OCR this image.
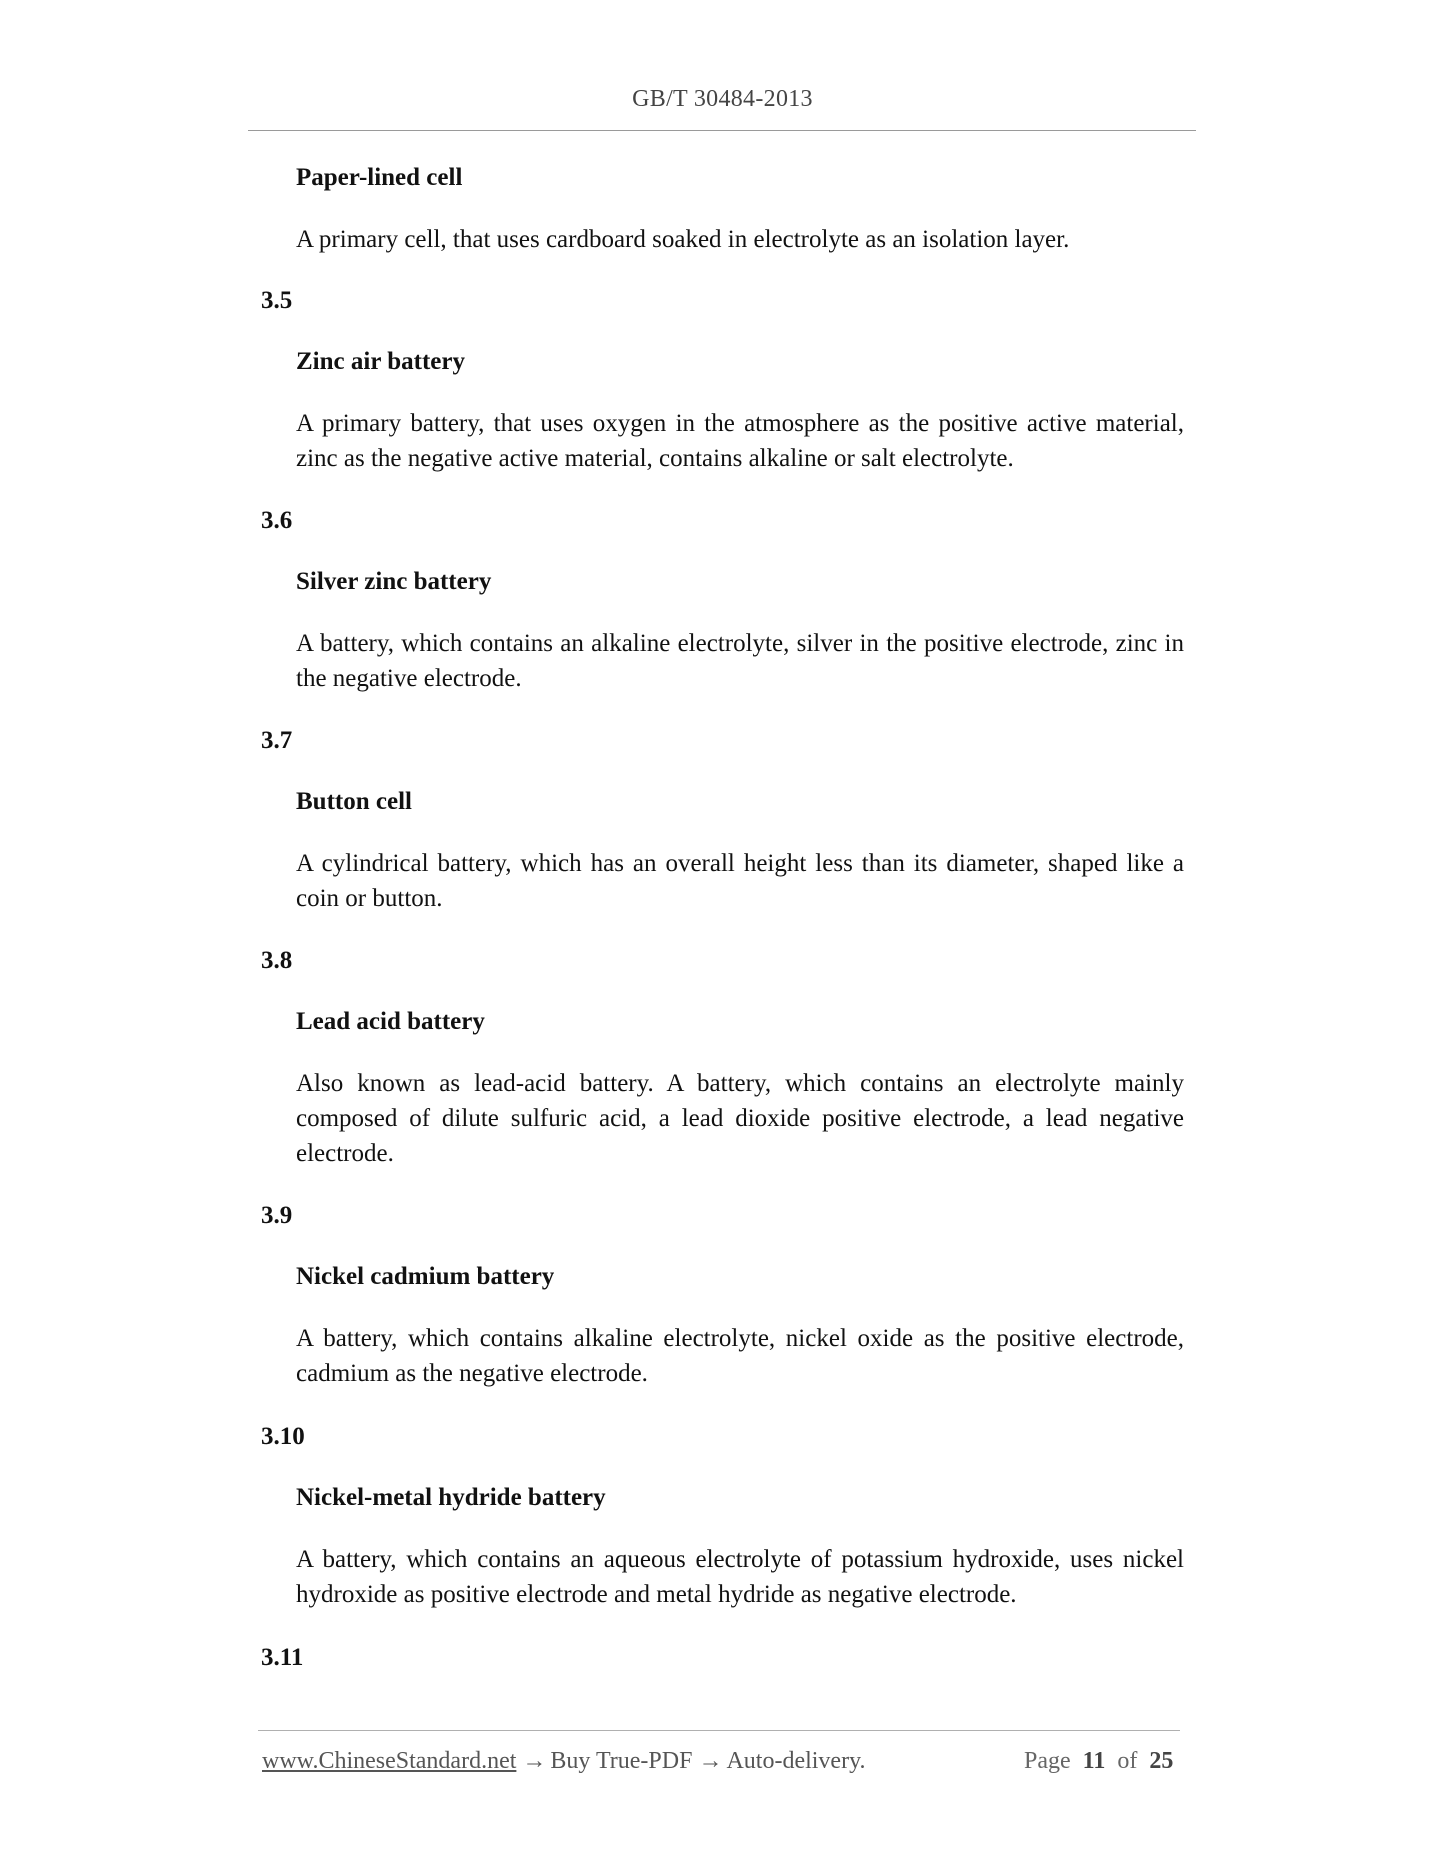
GB/T 30484-2013
Paper-lined cell
A primary cell, that uses cardboard soaked in electrolyte as an isolation layer.
3.5
Zinc air battery
A primary battery, that uses oxygen in the atmosphere as the positive active material, zinc as the negative active material, contains alkaline or salt electrolyte.
3.6
Silver zinc battery
A battery, which contains an alkaline electrolyte, silver in the positive electrode, zinc in the negative electrode.
3.7
Button cell
A cylindrical battery, which has an overall height less than its diameter, shaped like a coin or button.
3.8
Lead acid battery
Also known as lead-acid battery. A battery, which contains an electrolyte mainly composed of dilute sulfuric acid, a lead dioxide positive electrode, a lead negative electrode.
3.9
Nickel cadmium battery
A battery, which contains alkaline electrolyte, nickel oxide as the positive electrode, cadmium as the negative electrode.
3.10
Nickel-metal hydride battery
A battery, which contains an aqueous electrolyte of potassium hydroxide, uses nickel hydroxide as positive electrode and metal hydride as negative electrode.
3.11
www.ChineseStandard.net → Buy True-PDF → Auto-delivery.	Page 11 of 25
